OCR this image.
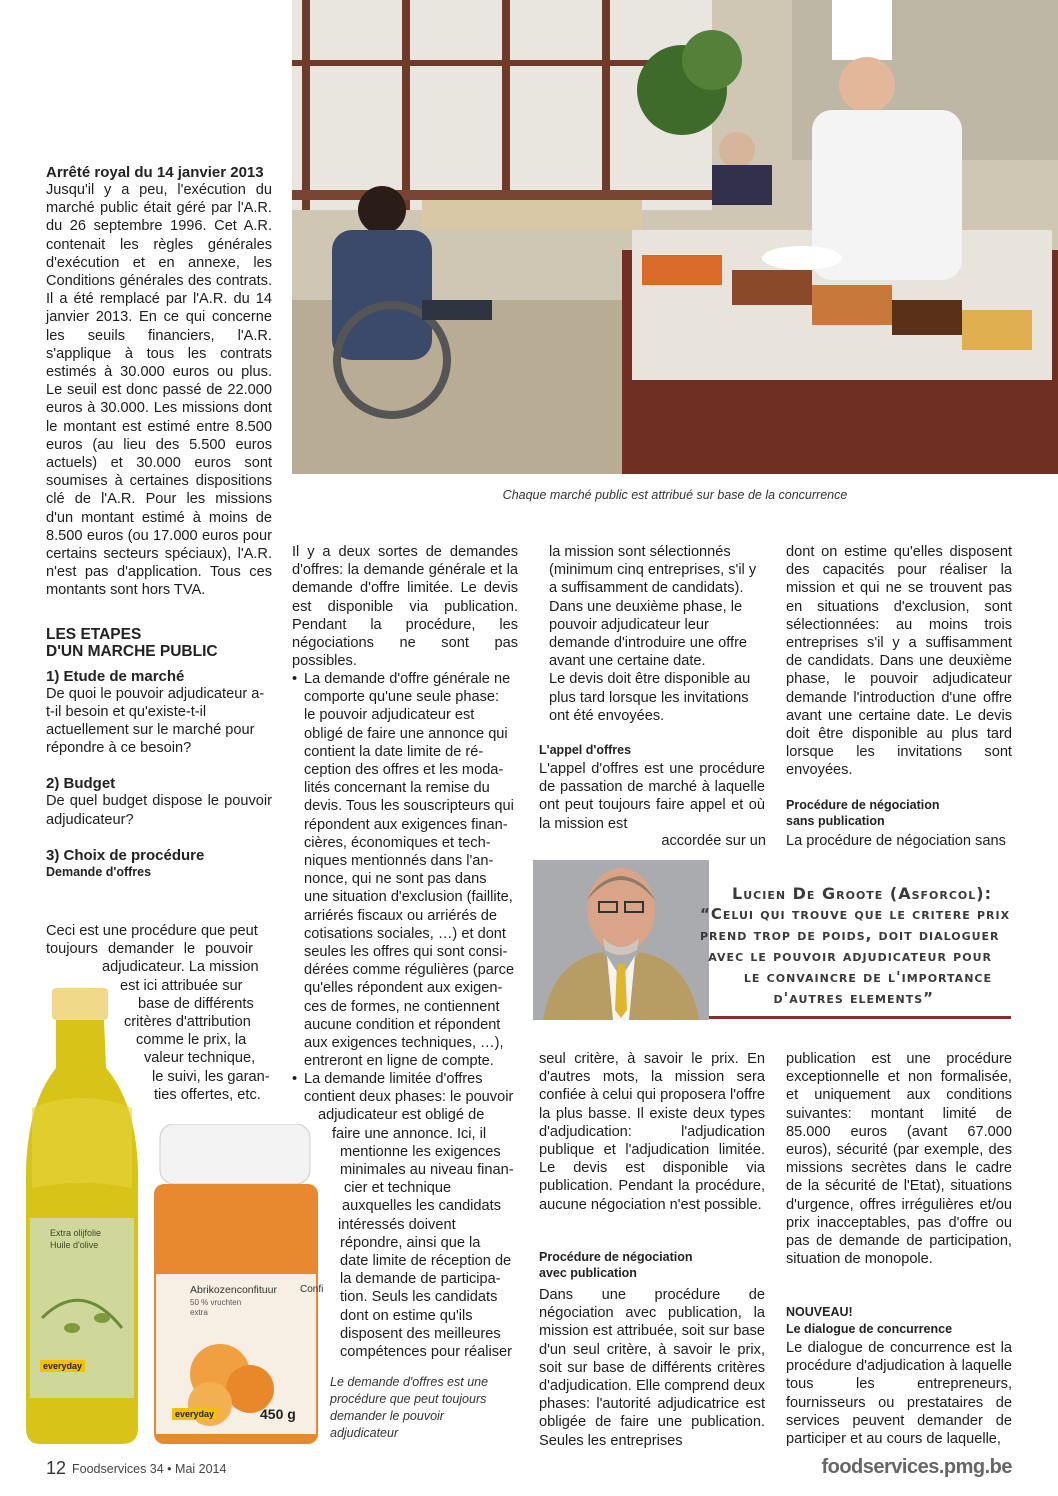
Chaque marché public est attribué sur base de la concurrence
Arrêté royal du 14 janvier 2013
Jusqu'il y a peu, l'exécution du marché public était géré par l'A.R. du 26 septembre 1996. Cet A.R. contenait les règles générales d'exécution et en annexe, les Conditions générales des contrats. Il a été remplacé par l'A.R. du 14 janvier 2013. En ce qui concerne les seuils financiers, l'A.R. s'applique à tous les contrats estimés à 30.000 euros ou plus. Le seuil est donc passé de 22.000 euros à 30.000. Les missions dont le montant est estimé entre 8.500 euros (au lieu des 5.500 euros actuels) et 30.000 euros sont soumises à certaines dispositions clé de l'A.R. Pour les missions d'un montant estimé à moins de 8.500 euros (ou 17.000 euros pour certains secteurs spéciaux), l'A.R. n'est pas d'application. Tous ces montants sont hors TVA.
LES ETAPES
D'UN MARCHE PUBLIC
1) Etude de marché
De quoi le pouvoir adjudicateur a-t-il besoin et qu'existe-t-il actuellement sur le marché pour répondre à ce besoin?
2) Budget
De quel budget dispose le pouvoir adjudicateur?
3) Choix de procédure
Demande d'offres
Ceci est une procédure que peut
toujours demander le pouvoir
adjudicateur. La mission
est ici attribuée sur
base de différents
critères d'attribution
comme le prix, la
valeur technique,
le suivi, les garan-
ties offertes, etc.
Extra olijfolie
Huile d'olive
everyday
Abrikozenconfituur
50 % vruchten
extra
Confi
everyday	450 g
Il y a deux sortes de demandes d'offres: la demande générale et la demande d'offre limitée. Le devis est disponible via publication. Pendant la procédure, les négociations ne sont pas possibles.
• La demande d'offre générale ne
comporte qu'une seule phase:
le pouvoir adjudicateur est
obligé de faire une annonce qui
contient la date limite de ré-
ception des offres et les moda-
lités concernant la remise du
devis. Tous les souscripteurs qui
répondent aux exigences finan-
cières, économiques et tech-
niques mentionnés dans l'an-
nonce, qui ne sont pas dans
une situation d'exclusion (faillite,
arriérés fiscaux ou arriérés de
cotisations sociales, …) et dont
seules les offres qui sont consi-
dérées comme régulières (parce
qu'elles répondent aux exigen-
ces de formes, ne contiennent
aucune condition et répondent
aux exigences techniques, …),
entreront en ligne de compte.
• La demande limitée d'offres
contient deux phases: le pouvoir
adjudicateur est obligé de
faire une annonce. Ici, il
mentionne les exigences
minimales au niveau finan-
cier et technique
auxquelles les candidats
intéressés doivent
répondre, ainsi que la
date limite de réception de
la demande de participa-
tion. Seuls les candidats
dont on estime qu'ils
disposent des meilleures
compétences pour réaliser
Le demande d'offres est une procédure que peut toujours demander le pouvoir adjudicateur
la mission sont sélectionnés
(minimum cinq entreprises, s'il y
a suffisamment de candidats).
Dans une deuxième phase, le
pouvoir adjudicateur leur
demande d'introduire une offre
avant une certaine date.
Le devis doit être disponible au
plus tard lorsque les invitations
ont été envoyées.
L'appel d'offres
L'appel d'offres est une procédure de passation de marché à laquelle ont peut toujours faire appel et où la mission est
accordée sur un
Lucien De Groote (Asforcol):
“Celui qui trouve que le critere prix
prend trop de poids, doit dialoguer
avec le pouvoir adjudicateur pour
le convaincre de l'importance
d'autres elements”
seul critère, à savoir le prix. En d'autres mots, la mission sera confiée à celui qui proposera l'offre la plus basse. Il existe deux types d'adjudication: l'adjudication publique et l'adjudication limitée. Le devis est disponible via publication. Pendant la procédure, aucune négociation n'est possible.
Procédure de négociation
avec publication
Dans une procédure de négociation avec publication, la mission est attribuée, soit sur base d'un seul critère, à savoir le prix, soit sur base de différents critères d'adjudication. Elle comprend deux phases: l'autorité adjudicatrice est obligée de faire une publication. Seules les entreprises
dont on estime qu'elles disposent des capacités pour réaliser la mission et qui ne se trouvent pas en situations d'exclusion, sont sélectionnées: au moins trois entreprises s'il y a suffisamment de candidats. Dans une deuxième phase, le pouvoir adjudicateur demande l'introduction d'une offre avant une certaine date. Le devis doit être disponible au plus tard lorsque les invitations sont envoyées.
Procédure de négociation
sans publication
La procédure de négociation sans
publication est une procédure exceptionnelle et non formalisée, et uniquement aux conditions suivantes: montant limité de 85.000 euros (avant 67.000 euros), sécurité (par exemple, des missions secrètes dans le cadre de la sécurité de l'Etat), situations d'urgence, offres irrégulières et/ou prix inacceptables, pas d'offre ou pas de demande de participation, situation de monopole.
NOUVEAU!
Le dialogue de concurrence
Le dialogue de concurrence est la procédure d'adjudication à laquelle tous les entrepreneurs, fournisseurs ou prestataires de services peuvent demander de participer et au cours de laquelle,
12 Foodservices 34 • Mai 2014	foodservices.pmg.be
